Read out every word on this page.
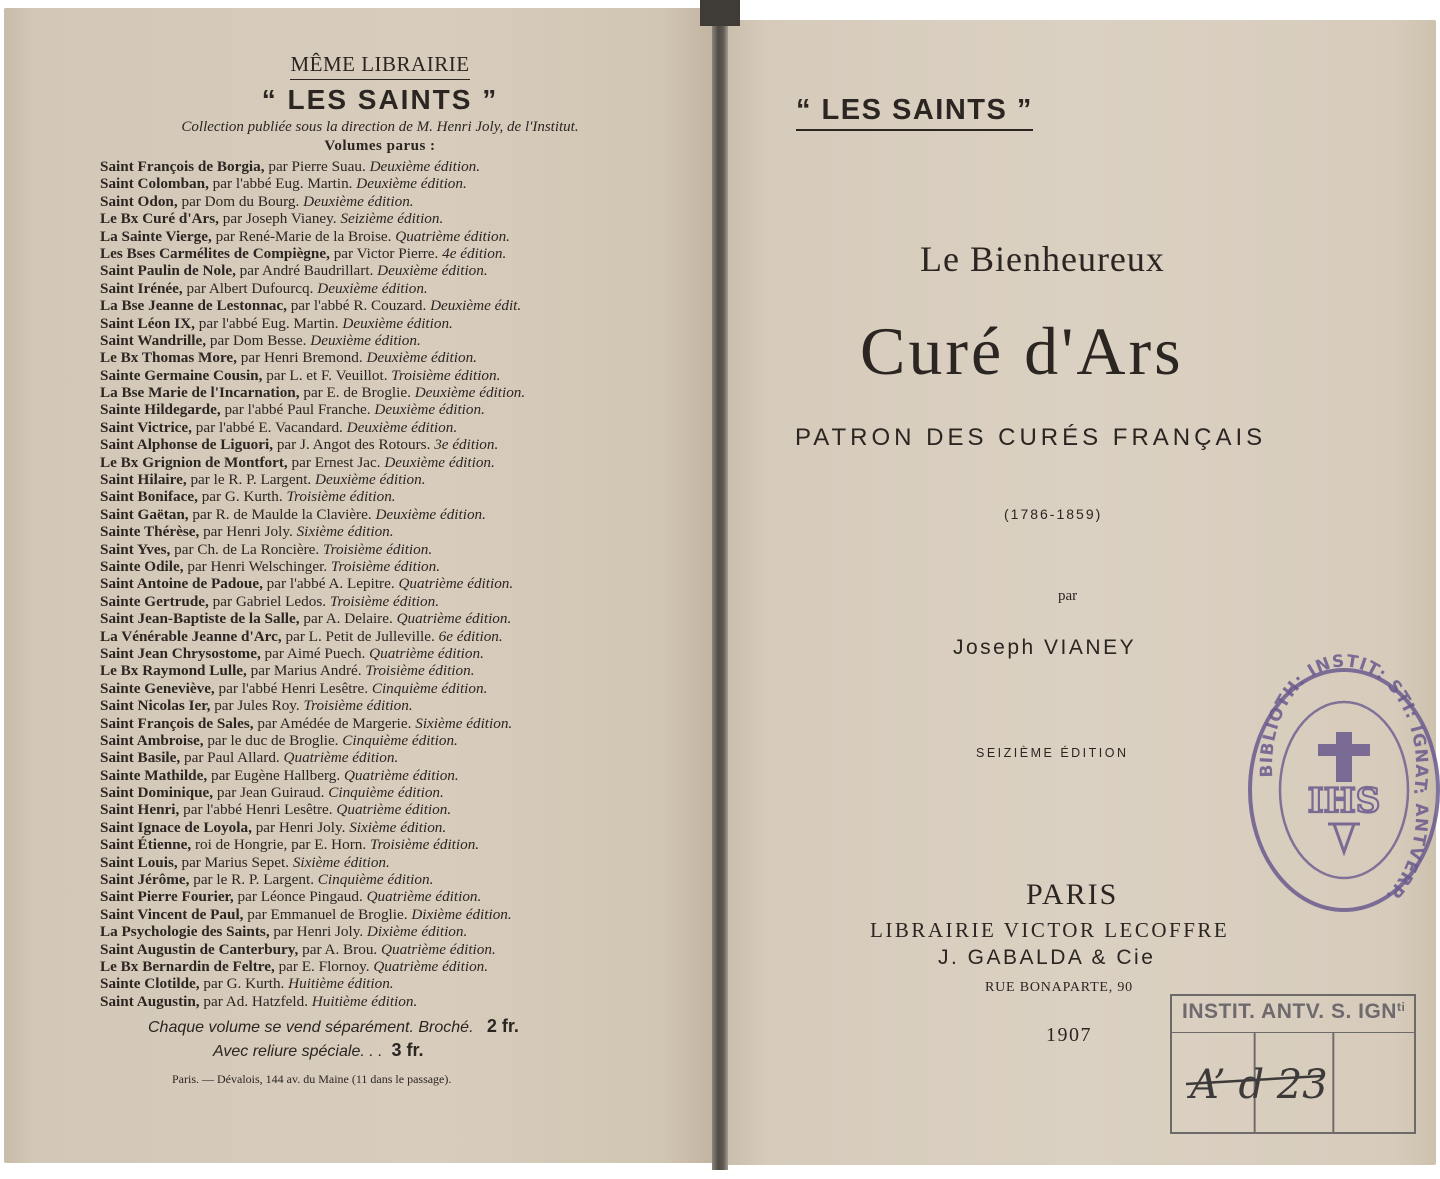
MÊME LIBRAIRIE
“ LES SAINTS ”
Collection publiée sous la direction de M. Henri Joly, de l'Institut.
Volumes parus :
Saint François de Borgia, par Pierre Suau. Deuxième édition.
Saint Colomban, par l'abbé Eug. Martin. Deuxième édition.
Saint Odon, par Dom du Bourg. Deuxième édition.
Le Bx Curé d'Ars, par Joseph Vianey. Seizième édition.
La Sainte Vierge, par René-Marie de la Broise. Quatrième édition.
Les Bses Carmélites de Compiègne, par Victor Pierre. 4e édition.
Saint Paulin de Nole, par André Baudrillart. Deuxième édition.
Saint Irénée, par Albert Dufourcq. Deuxième édition.
La Bse Jeanne de Lestonnac, par l'abbé R. Couzard. Deuxième édit.
Saint Léon IX, par l'abbé Eug. Martin. Deuxième édition.
Saint Wandrille, par Dom Besse. Deuxième édition.
Le Bx Thomas More, par Henri Bremond. Deuxième édition.
Sainte Germaine Cousin, par L. et F. Veuillot. Troisième édition.
La Bse Marie de l'Incarnation, par E. de Broglie. Deuxième édition.
Sainte Hildegarde, par l'abbé Paul Franche. Deuxième édition.
Saint Victrice, par l'abbé E. Vacandard. Deuxième édition.
Saint Alphonse de Liguori, par J. Angot des Rotours. 3e édition.
Le Bx Grignion de Montfort, par Ernest Jac. Deuxième édition.
Saint Hilaire, par le R. P. Largent. Deuxième édition.
Saint Boniface, par G. Kurth. Troisième édition.
Saint Gaëtan, par R. de Maulde la Clavière. Deuxième édition.
Sainte Thérèse, par Henri Joly. Sixième édition.
Saint Yves, par Ch. de La Roncière. Troisième édition.
Sainte Odile, par Henri Welschinger. Troisième édition.
Saint Antoine de Padoue, par l'abbé A. Lepitre. Quatrième édition.
Sainte Gertrude, par Gabriel Ledos. Troisième édition.
Saint Jean-Baptiste de la Salle, par A. Delaire. Quatrième édition.
La Vénérable Jeanne d'Arc, par L. Petit de Julleville. 6e édition.
Saint Jean Chrysostome, par Aimé Puech. Quatrième édition.
Le Bx Raymond Lulle, par Marius André. Troisième édition.
Sainte Geneviève, par l'abbé Henri Lesêtre. Cinquième édition.
Saint Nicolas Ier, par Jules Roy. Troisième édition.
Saint François de Sales, par Amédée de Margerie. Sixième édition.
Saint Ambroise, par le duc de Broglie. Cinquième édition.
Saint Basile, par Paul Allard. Quatrième édition.
Sainte Mathilde, par Eugène Hallberg. Quatrième édition.
Saint Dominique, par Jean Guiraud. Cinquième édition.
Saint Henri, par l'abbé Henri Lesêtre. Quatrième édition.
Saint Ignace de Loyola, par Henri Joly. Sixième édition.
Saint Étienne, roi de Hongrie, par E. Horn. Troisième édition.
Saint Louis, par Marius Sepet. Sixième édition.
Saint Jérôme, par le R. P. Largent. Cinquième édition.
Saint Pierre Fourier, par Léonce Pingaud. Quatrième édition.
Saint Vincent de Paul, par Emmanuel de Broglie. Dixième édition.
La Psychologie des Saints, par Henri Joly. Dixième édition.
Saint Augustin de Canterbury, par A. Brou. Quatrième édition.
Le Bx Bernardin de Feltre, par E. Flornoy. Quatrième édition.
Sainte Clotilde, par G. Kurth. Huitième édition.
Saint Augustin, par Ad. Hatzfeld. Huitième édition.
Chaque volume se vend séparément. Broché. 2 fr.
Avec reliure spéciale. . . 3 fr.
Paris. — Dévalois, 144 av. du Maine (11 dans le passage).
“ LES SAINTS ”
Le Bienheureux
Curé d'Ars
PATRON DES CURÉS FRANÇAIS
(1786-1859)
par
Joseph VIANEY
SEIZIÈME ÉDITION
PARIS
LIBRAIRIE VICTOR LECOFFRE
J. GABALDA & Cie
RUE BONAPARTE, 90
1907
BIBLIOTH: INSTIT: STI: IGNAT: ANTVERP.
IHS
INSTIT. ANTV. S. $IGN^{ti}$
A’ d 23
